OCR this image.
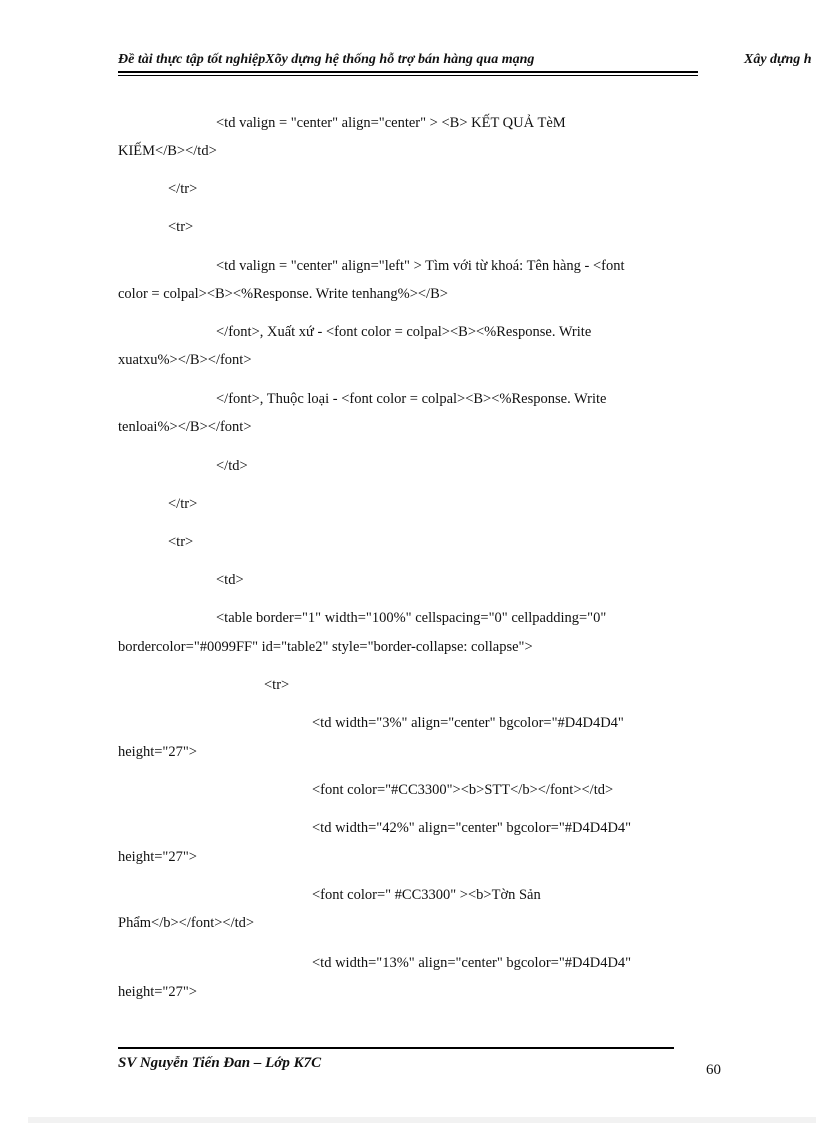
Đề tài thực tập tốt nghiệpXõy dựng hệ thống hỗ trợ bán hàng qua mạng	Xây dựng h
<td valign = "center" align="center" > <B> KẾT QUẢ TèM
KIẾM</B></td>
</tr>
<tr>
<td valign = "center" align="left" > Tìm với từ khoá: Tên hàng - <font
color = colpal><B><%Response. Write tenhang%></B>
</font>, Xuất xứ - <font color = colpal><B><%Response. Write
xuatxu%></B></font>
</font>, Thuộc loại - <font color = colpal><B><%Response. Write
tenloai%></B></font>
</td>
</tr>
<tr>
<td>
<table border="1" width="100%" cellspacing="0" cellpadding="0"
bordercolor="#0099FF" id="table2" style="border-collapse: collapse">
<tr>
<td width="3%" align="center" bgcolor="#D4D4D4"
height="27">
<font color="#CC3300"><b>STT</b></font></td>
<td width="42%" align="center" bgcolor="#D4D4D4"
height="27">
<font color=" #CC3300" ><b>Tờn Sản
Phẩm</b></font></td>
<td width="13%" align="center" bgcolor="#D4D4D4"
height="27">
SV Nguyễn Tiến Đan – Lớp K7C	60
